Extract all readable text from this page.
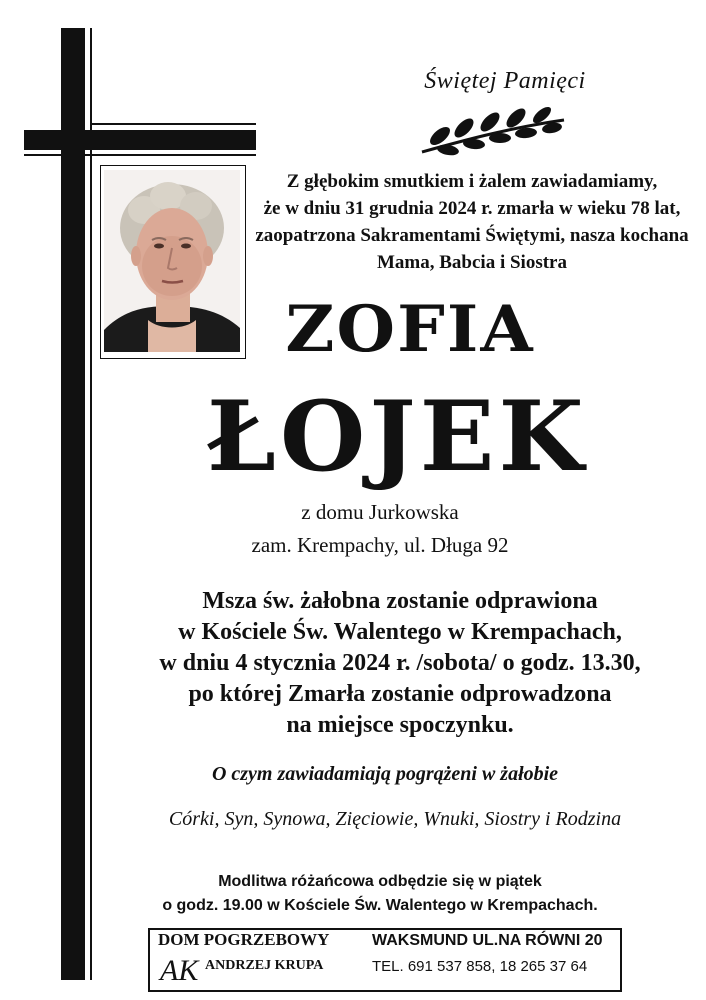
Świętej Pamięci
Z głębokim smutkiem i żalem zawiadamiamy,
że w dniu 31 grudnia 2024 r. zmarła w wieku 78 lat,
zaopatrzona Sakramentami Świętymi, nasza kochana
Mama, Babcia i Siostra
ZOFIA
ŁOJEK
z domu Jurkowska
zam. Krempachy, ul. Długa 92
Msza św. żałobna zostanie odprawiona
w Kościele Św. Walentego w Krempachach,
w dniu 4 stycznia 2024 r. /sobota/ o godz. 13.30,
po której Zmarła zostanie odprowadzona
na miejsce spoczynku.
O czym zawiadamiają pogrążeni w żałobie
Córki, Syn, Synowa, Zięciowie, Wnuki, Siostry i Rodzina
Modlitwa różańcowa odbędzie się w piątek
o godz. 19.00 w Kościele Św. Walentego w Krempachach.
DOM POGRZEBOWY
AK ANDRZEJ KRUPA
WAKSMUND UL.NA RÓWNI 20
TEL. 691 537 858, 18 265 37 64
